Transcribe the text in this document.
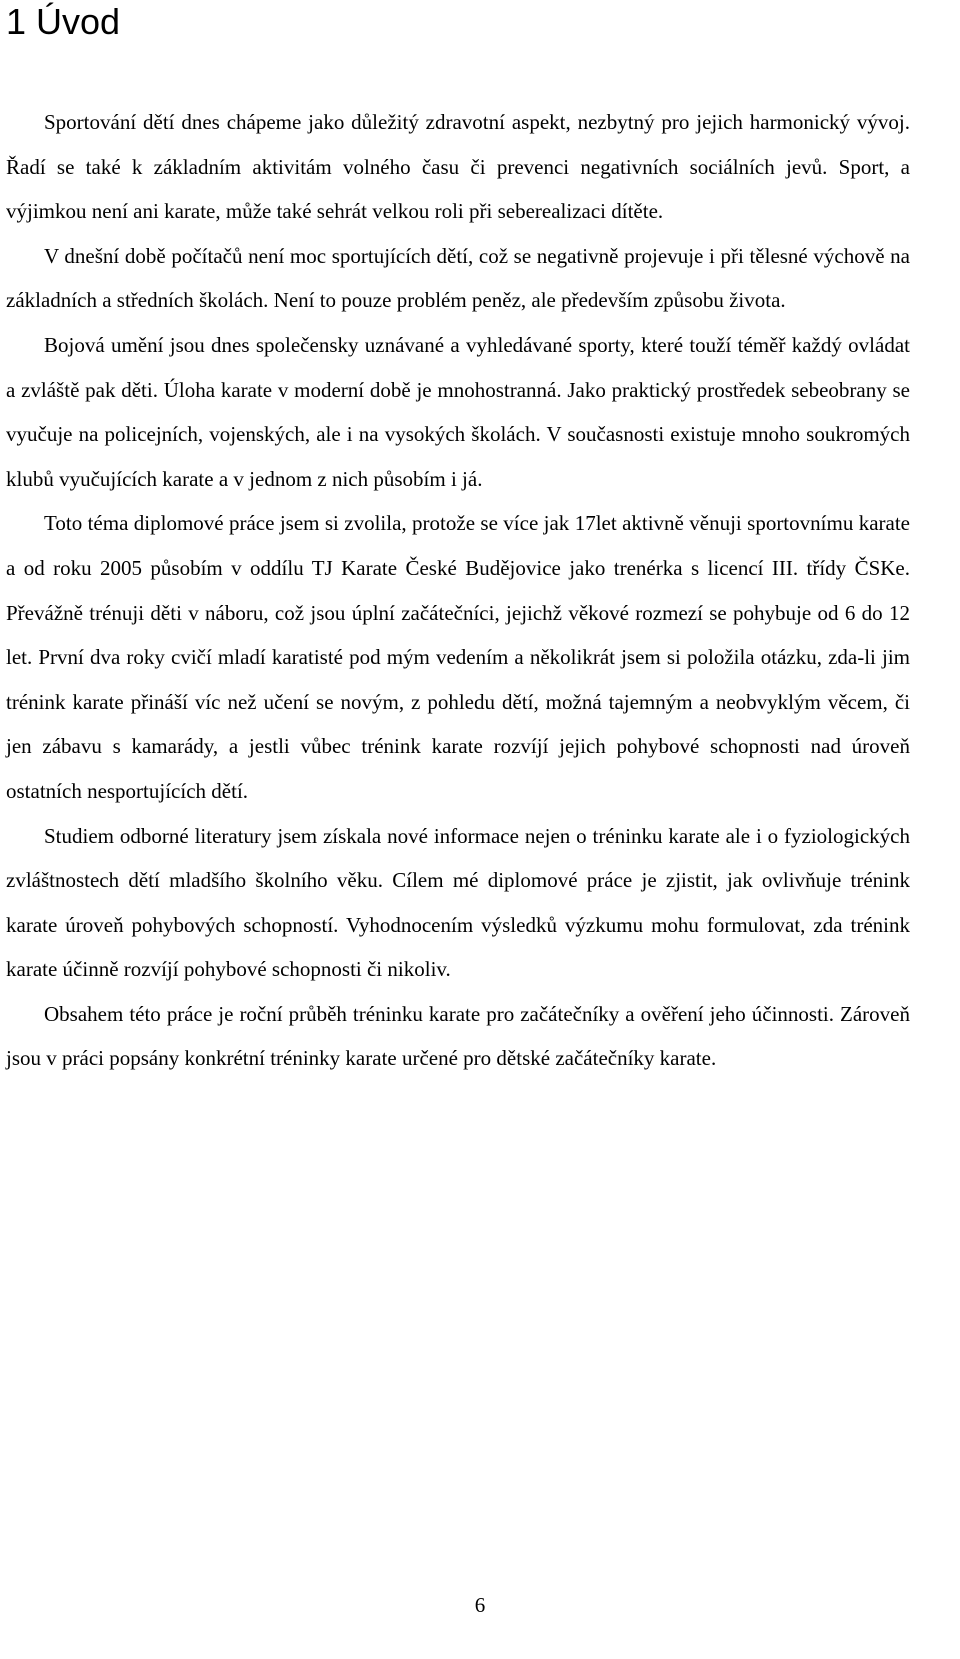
1 Úvod

Sportování dětí dnes chápeme jako důležitý zdravotní aspekt, nezbytný pro jejich harmonický vývoj. Řadí se také k základním aktivitám volného času či prevenci negativních sociálních jevů. Sport, a výjimkou není ani karate, může také sehrát velkou roli při seberealizaci dítěte.

V dnešní době počítačů není moc sportujících dětí, což se negativně projevuje i při tělesné výchově na základních a středních školách. Není to pouze problém peněz, ale především způsobu života.

Bojová umění jsou dnes společensky uznávané a vyhledávané sporty, které touží téměř každý ovládat a zvláště pak děti. Úloha karate v moderní době je mnohostranná. Jako praktický prostředek sebeobrany se vyučuje na policejních, vojenských, ale i na vysokých školách. V současnosti existuje mnoho soukromých klubů vyučujících karate a v jednom z nich působím i já.

Toto téma diplomové práce jsem si zvolila, protože se více jak 17let aktivně věnuji sportovnímu karate a od roku 2005 působím v oddílu TJ Karate České Budějovice jako trenérka s licencí III. třídy ČSKe. Převážně trénuji děti v náboru, což jsou úplní začátečníci, jejichž věkové rozmezí se pohybuje od 6 do 12 let. První dva roky cvičí mladí karatisté pod mým vedením a několikrát jsem si položila otázku, zda-li jim trénink karate přináší víc než učení se novým, z pohledu dětí, možná tajemným a neobvyklým věcem, či jen zábavu s kamarády, a jestli vůbec trénink karate rozvíjí jejich pohybové schopnosti nad úroveň ostatních nesportujících dětí.

Studiem odborné literatury jsem získala nové informace nejen o tréninku karate ale i o fyziologických zvláštnostech dětí mladšího školního věku. Cílem mé diplomové práce je zjistit, jak ovlivňuje trénink karate úroveň pohybových schopností. Vyhodnocením výsledků výzkumu mohu formulovat, zda trénink karate účinně rozvíjí pohybové schopnosti či nikoliv.

Obsahem této práce je roční průběh tréninku karate pro začátečníky a ověření jeho účinnosti. Zároveň jsou v práci popsány konkrétní tréninky karate určené pro dětské začátečníky karate.

6
